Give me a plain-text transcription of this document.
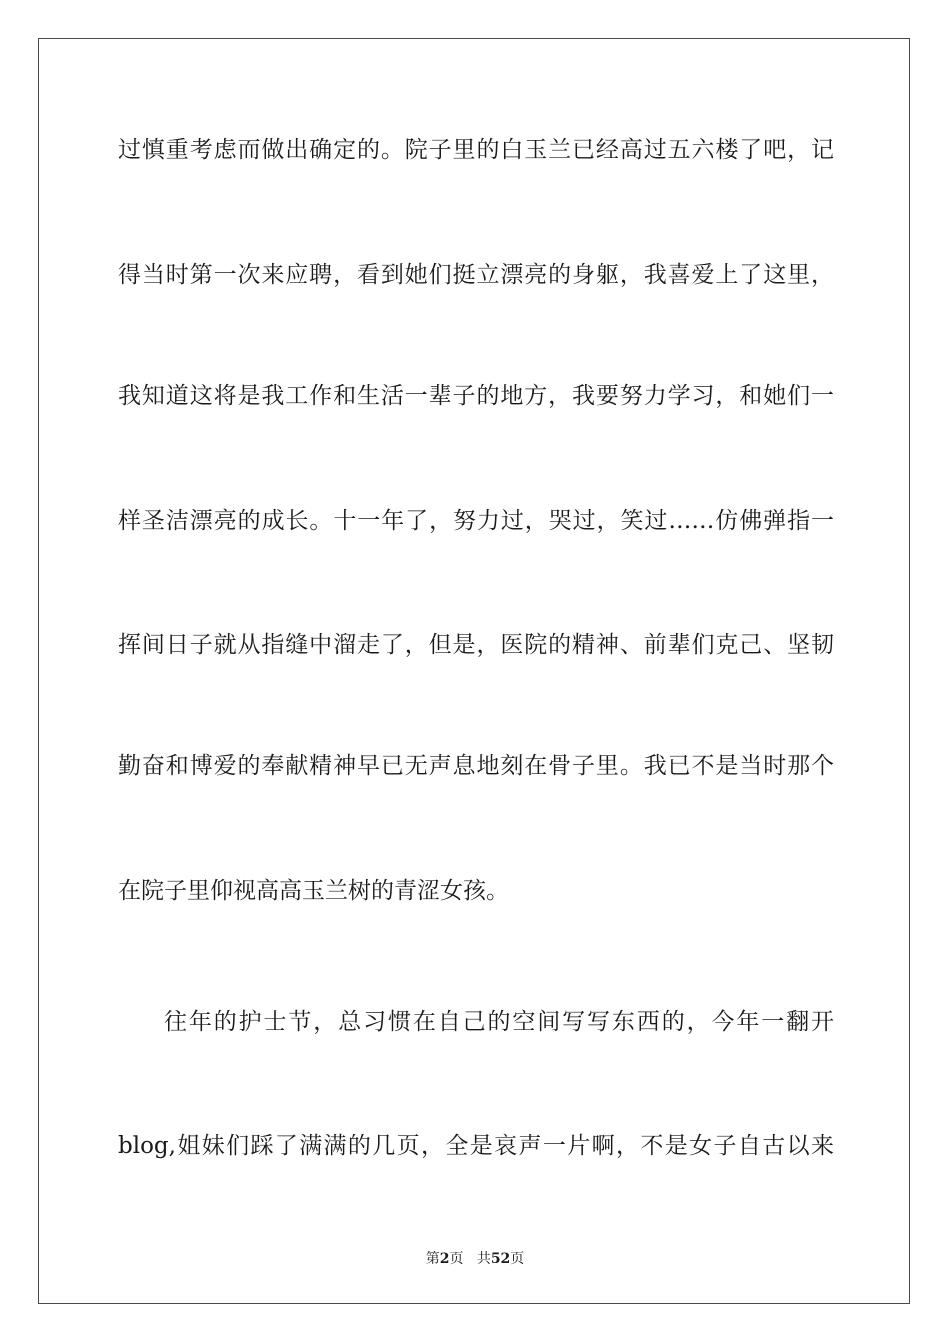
过慎重考虑而做出确定的。院子里的白玉兰已经高过五六楼了吧，记
得当时第一次来应聘，看到她们挺立漂亮的身躯，我喜爱上了这里，
我知道这将是我工作和生活一辈子的地方，我要努力学习，和她们一
样圣洁漂亮的成长。十一年了，努力过，哭过，笑过……仿佛弹指一
挥间日子就从指缝中溜走了，但是，医院的精神、前辈们克己、坚韧
勤奋和博爱的奉献精神早已无声息地刻在骨子里。我已不是当时那个
在院子里仰视高高玉兰树的青涩女孩。
往年的护士节，总习惯在自己的空间写写东西的，今年一翻开
blog,姐妹们踩了满满的几页，全是哀声一片啊，不是女子自古以来
第2页 共52页
